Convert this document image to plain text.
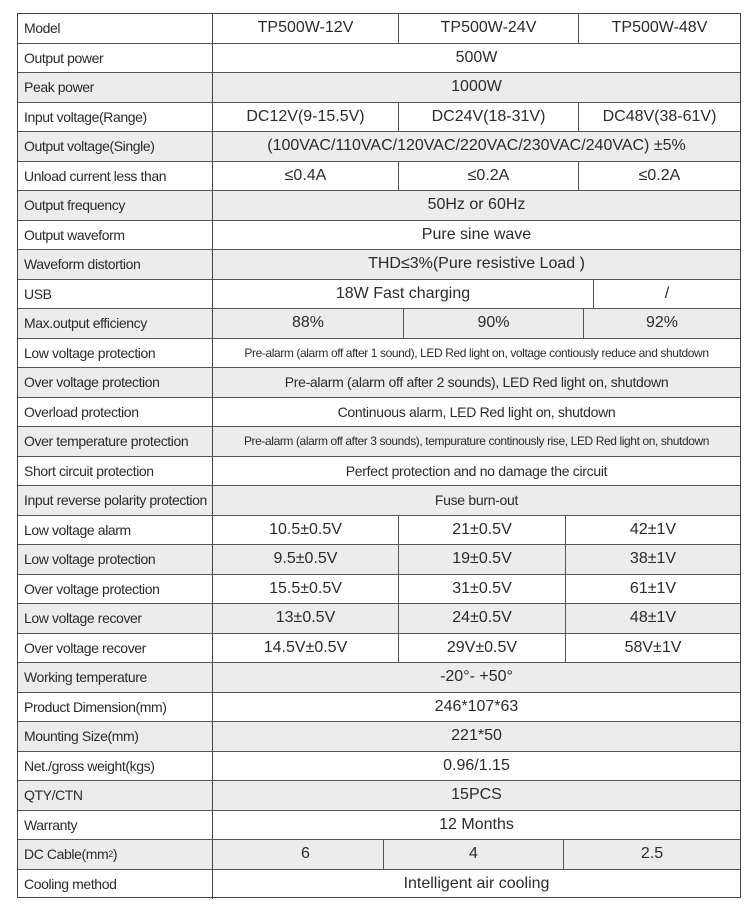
Model	TP500W-12V	TP500W-24V	TP500W-48V
Output power	500W
Peak power	1000W
Input voltage(Range)	DC12V(9-15.5V)	DC24V(18-31V)	DC48V(38-61V)
Output voltage(Single)	(100VAC/110VAC/120VAC/220VAC/230VAC/240VAC) ±5%
Unload current less than	≤0.4A	≤0.2A	≤0.2A
Output frequency	50Hz or 60Hz
Output waveform	Pure sine wave
Waveform distortion	THD≤3%(Pure resistive Load )
USB	18W Fast charging	/
Max.output efficiency	88%	90%	92%
Low voltage protection	Pre-alarm (alarm off after 1 sound), LED Red light on, voltage contiously reduce and shutdown
Over voltage protection	Pre-alarm (alarm off after 2 sounds), LED Red light on, shutdown
Overload protection	Continuous alarm, LED Red light on, shutdown
Over temperature protection	Pre-alarm (alarm off after 3 sounds), tempurature continously rise, LED Red light on, shutdown
Short circuit protection	Perfect protection and no damage the circuit
Input reverse polarity protection	Fuse burn-out
Low voltage alarm	10.5±0.5V	21±0.5V	42±1V
Low voltage protection	9.5±0.5V	19±0.5V	38±1V
Over voltage protection	15.5±0.5V	31±0.5V	61±1V
Low voltage recover	13±0.5V	24±0.5V	48±1V
Over voltage recover	14.5V±0.5V	29V±0.5V	58V±1V
Working temperature	-20°- +50°
Product Dimension(mm)	246*107*63
Mounting Size(mm)	221*50
Net./gross weight(kgs)	0.96/1.15
QTY/CTN	15PCS
Warranty	12 Months
DC Cable(mm 2 )	6	4	2.5
Cooling method	Intelligent air cooling
